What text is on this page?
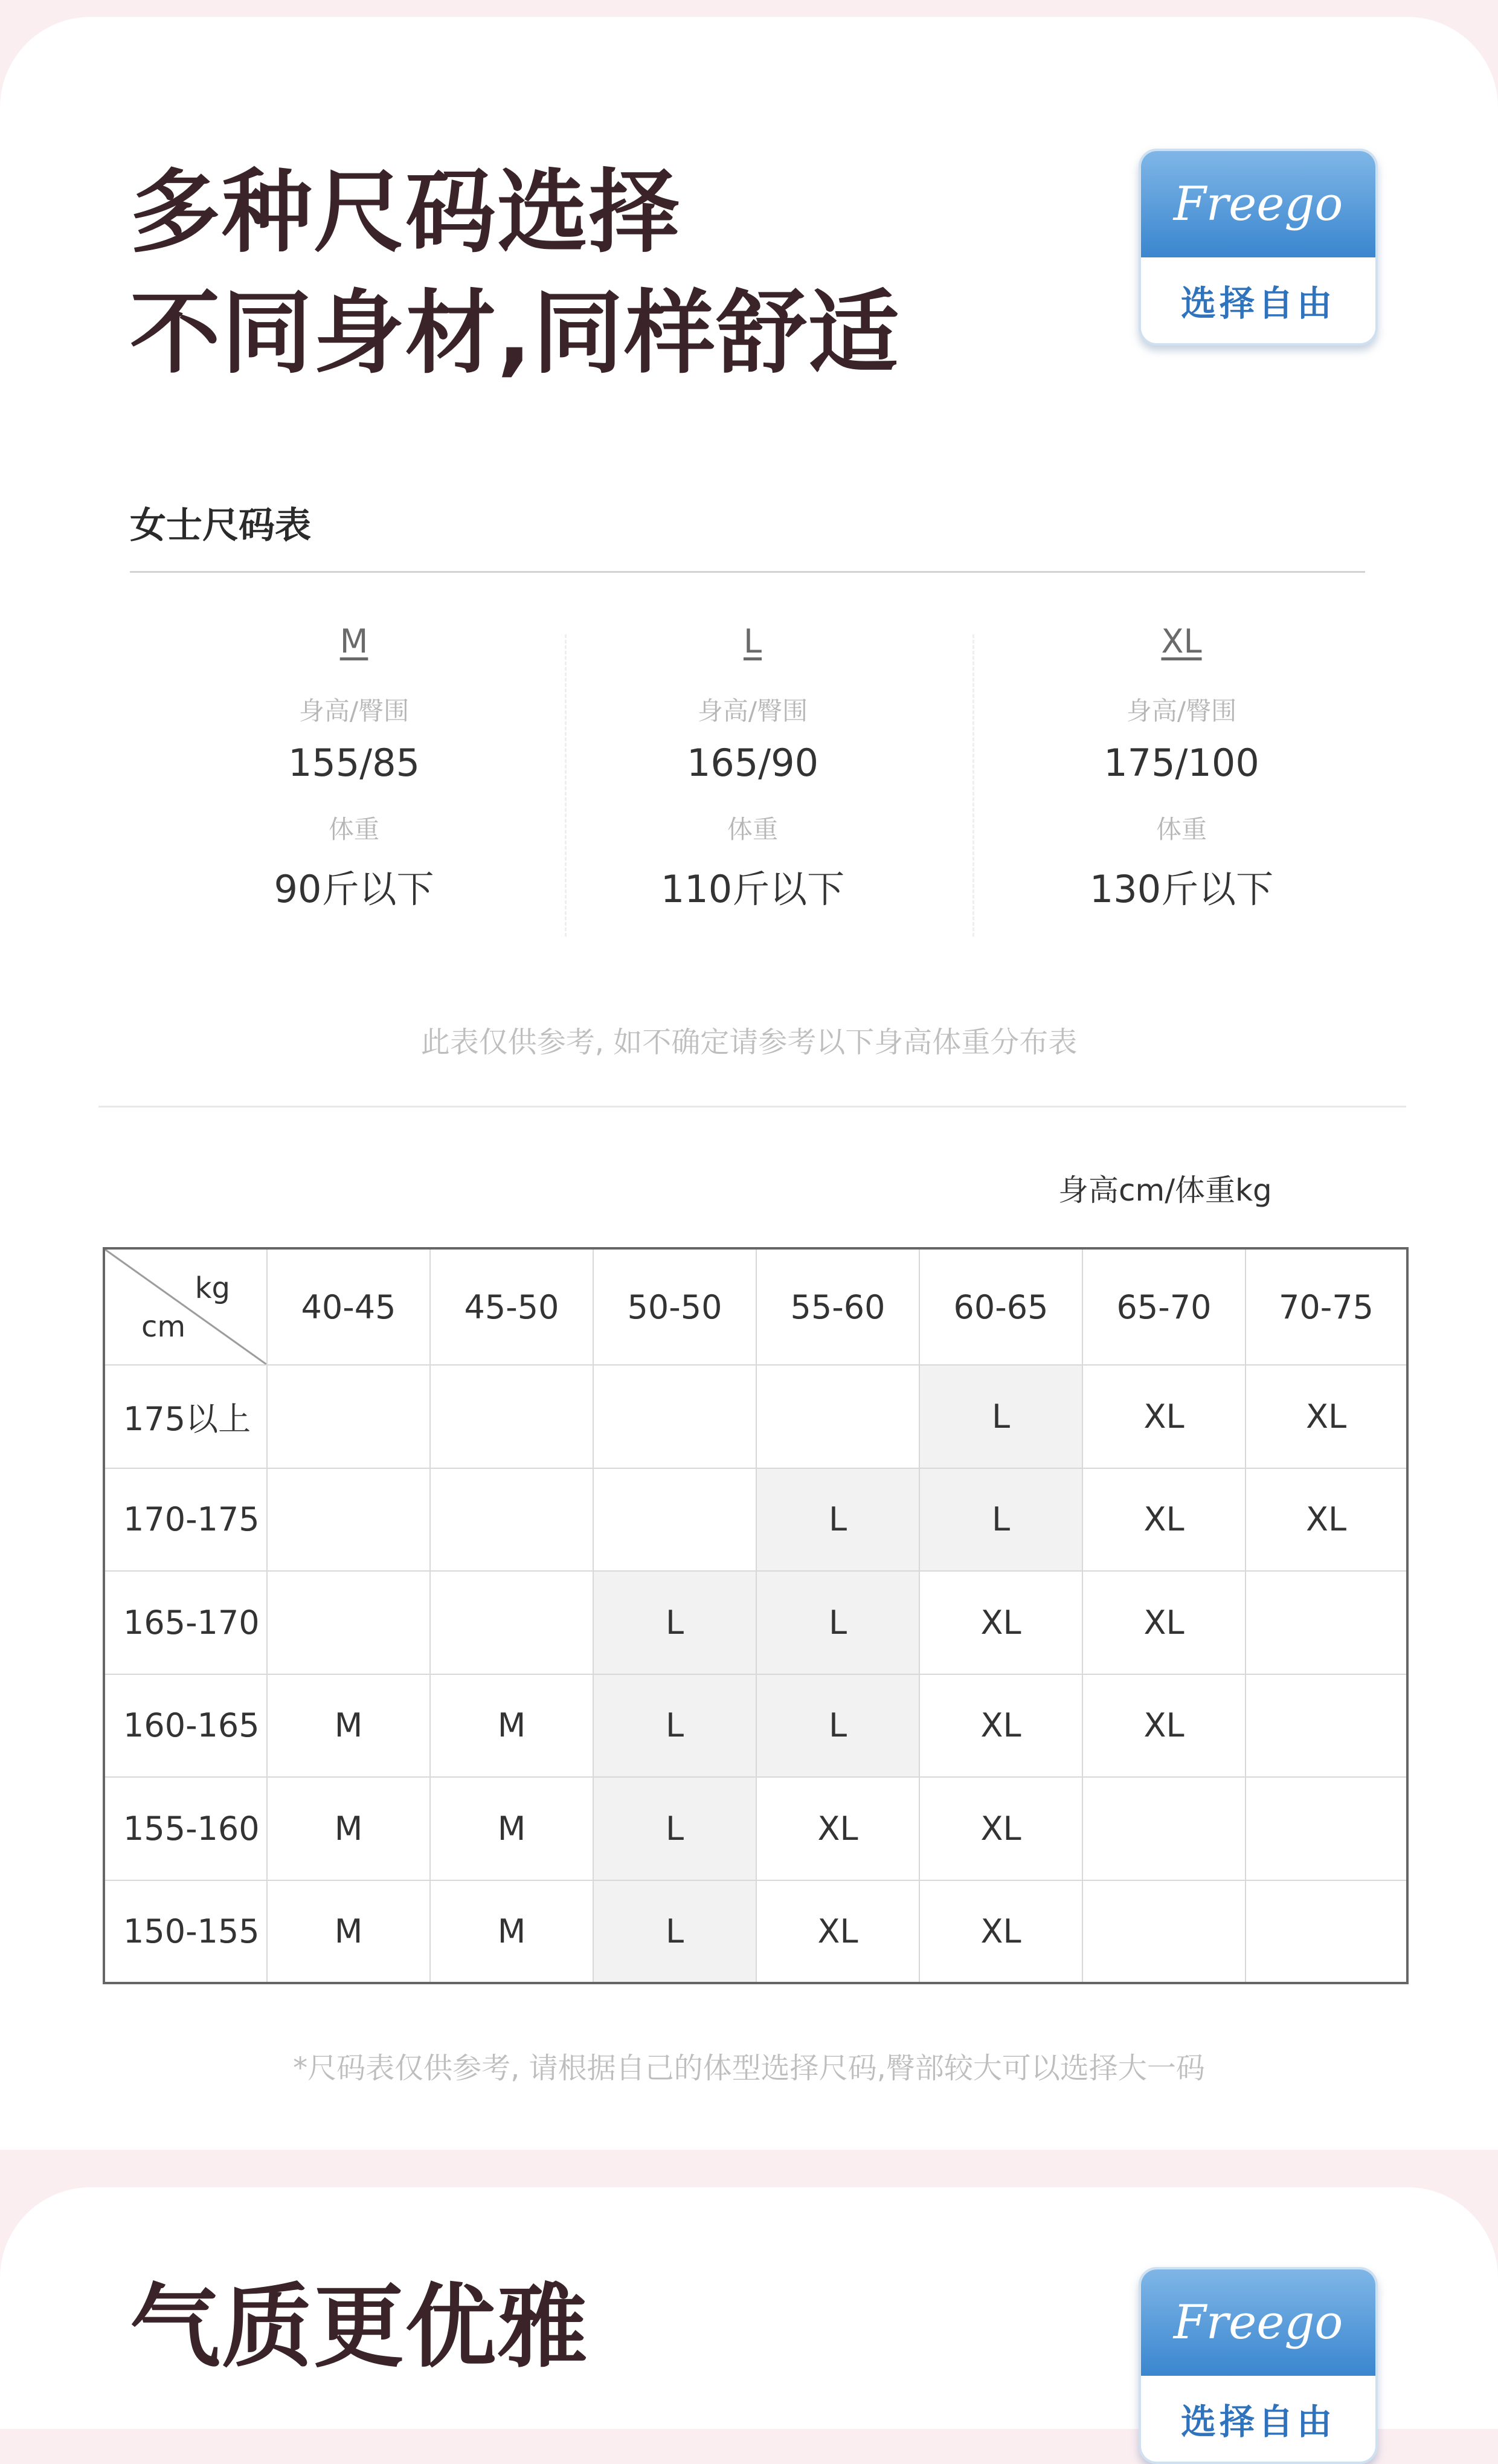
多种尺码选择
不同身材,同样舒适
Freego
选择自由
女士尺码表
M
身高/臀围
155/85
体重
90斤以下
L
身高/臀围
165/90
体重
110斤以下
XL
身高/臀围
175/100
体重
130斤以下
此表仅供参考, 如不确定请参考以下身高体重分布表
身高cm/体重kg
kg
cm	40-45	45-50	50-50	55-60	60-65	65-70	70-75
175以上					L	XL	XL
170-175				L	L	XL	XL
165-170			L	L	XL	XL	
160-165	M	M	L	L	XL	XL	
155-160	M	M	L	XL	XL		
150-155	M	M	L	XL	XL		
*尺码表仅供参考, 请根据自己的体型选择尺码,臀部较大可以选择大一码
气质更优雅	Freego
选择自由
